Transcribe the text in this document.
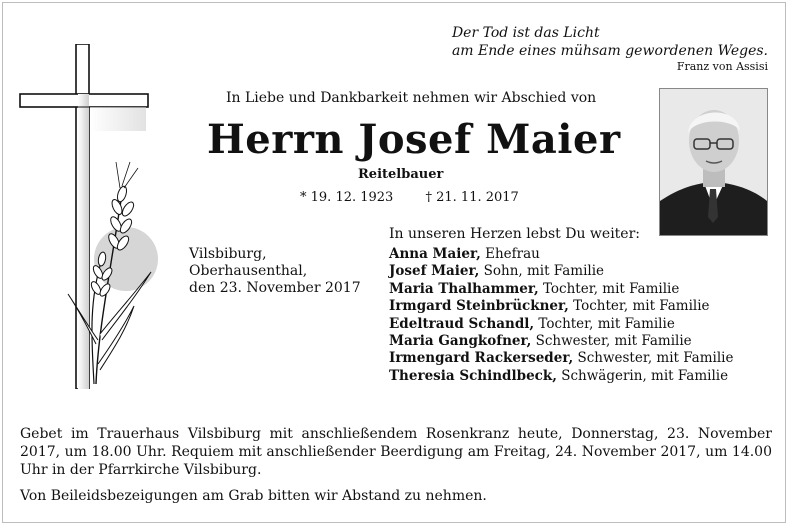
Der Tod ist das Licht
am Ende eines mühsam gewordenen Weges.
Franz von Assisi
In Liebe und Dankbarkeit nehmen wir Abschied von
Herrn Josef Maier
Reitelbauer
* 19. 12. 1923 † 21. 11. 2017
Vilsbiburg,
Oberhausenthal,
den 23. November 2017
In unseren Herzen lebst Du weiter:
Anna Maier, Ehefrau
Josef Maier, Sohn, mit Familie
Maria Thalhammer, Tochter, mit Familie
Irmgard Steinbrückner, Tochter, mit Familie
Edeltraud Schandl, Tochter, mit Familie
Maria Gangkofner, Schwester, mit Familie
Irmengard Rackerseder, Schwester, mit Familie
Theresia Schindlbeck, Schwägerin, mit Familie

Gebet im Trauerhaus Vilsbiburg mit anschließendem Rosenkranz heute, Donnerstag, 23. November 2017, um 18.00 Uhr. Requiem mit anschließender Beerdigung am Freitag, 24. November 2017, um 14.00 Uhr in der Pfarrkirche Vilsbiburg.

Von Beileidsbezeigungen am Grab bitten wir Abstand zu nehmen.
